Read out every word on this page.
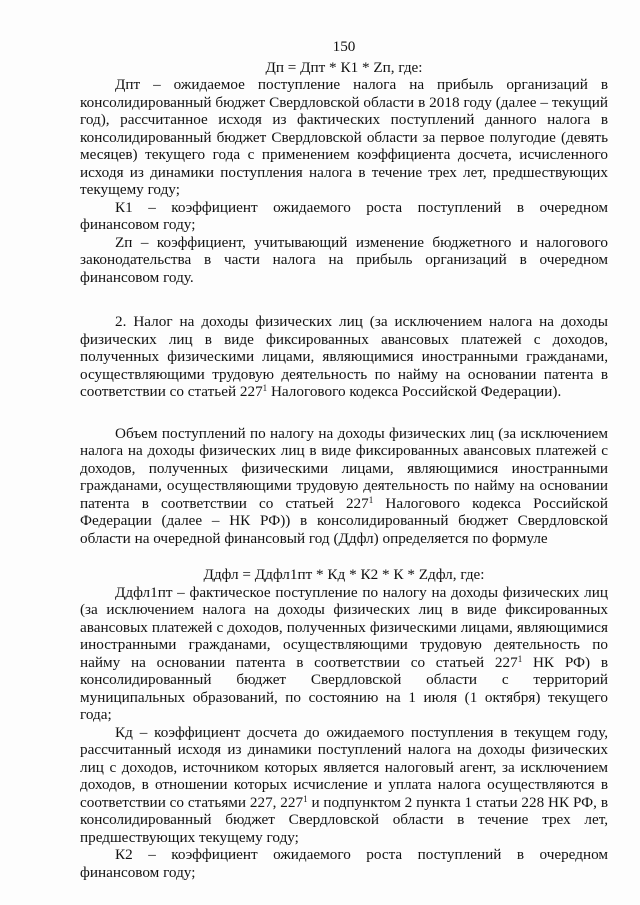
150
Дп = Дпт * К1 * Zп, где:

Дпт – ожидаемое поступление налога на прибыль организаций в консолидированный бюджет Свердловской области в 2018 году (далее – текущий год), рассчитанное исходя из фактических поступлений данного налога в консолидированный бюджет Свердловской области за первое полугодие (девять месяцев) текущего года с применением коэффициента досчета, исчисленного исходя из динамики поступления налога в течение трех лет, предшествующих текущему году;

К1 – коэффициент ожидаемого роста поступлений в очередном финансовом году;

Zп – коэффициент, учитывающий изменение бюджетного и налогового законодательства в части налога на прибыль организаций в очередном финансовом году.

2. Налог на доходы физических лиц (за исключением налога на доходы физических лиц в виде фиксированных авансовых платежей с доходов, полученных физическими лицами, являющимися иностранными гражданами, осуществляющими трудовую деятельность по найму на основании патента в соответствии со статьей $227^1$ Налогового кодекса Российской Федерации).

Объем поступлений по налогу на доходы физических лиц (за исключением налога на доходы физических лиц в виде фиксированных авансовых платежей с доходов, полученных физическими лицами, являющимися иностранными гражданами, осуществляющими трудовую деятельность по найму на основании патента в соответствии со статьей $227^1$ Налогового кодекса Российской Федерации (далее – НК РФ)) в консолидированный бюджет Свердловской области на очередной финансовый год (Ддфл) определяется по формуле

Ддфл = Ддфл1пт * Кд * К2 * К * Zдфл, где:

Ддфл1пт – фактическое поступление по налогу на доходы физических лиц (за исключением налога на доходы физических лиц в виде фиксированных авансовых платежей с доходов, полученных физическими лицами, являющимися иностранными гражданами, осуществляющими трудовую деятельность по найму на основании патента в соответствии со статьей $227^1$ НК РФ) в консолидированный бюджет Свердловской области с территорий муниципальных образований, по состоянию на 1 июля (1 октября) текущего года;

Кд – коэффициент досчета до ожидаемого поступления в текущем году, рассчитанный исходя из динамики поступлений налога на доходы физических лиц с доходов, источником которых является налоговый агент, за исключением доходов, в отношении которых исчисление и уплата налога осуществляются в соответствии со статьями 227, $227^1$ и подпунктом 2 пункта 1 статьи 228 НК РФ, в консолидированный бюджет Свердловской области в течение трех лет, предшествующих текущему году;

К2 – коэффициент ожидаемого роста поступлений в очередном финансовом году;
